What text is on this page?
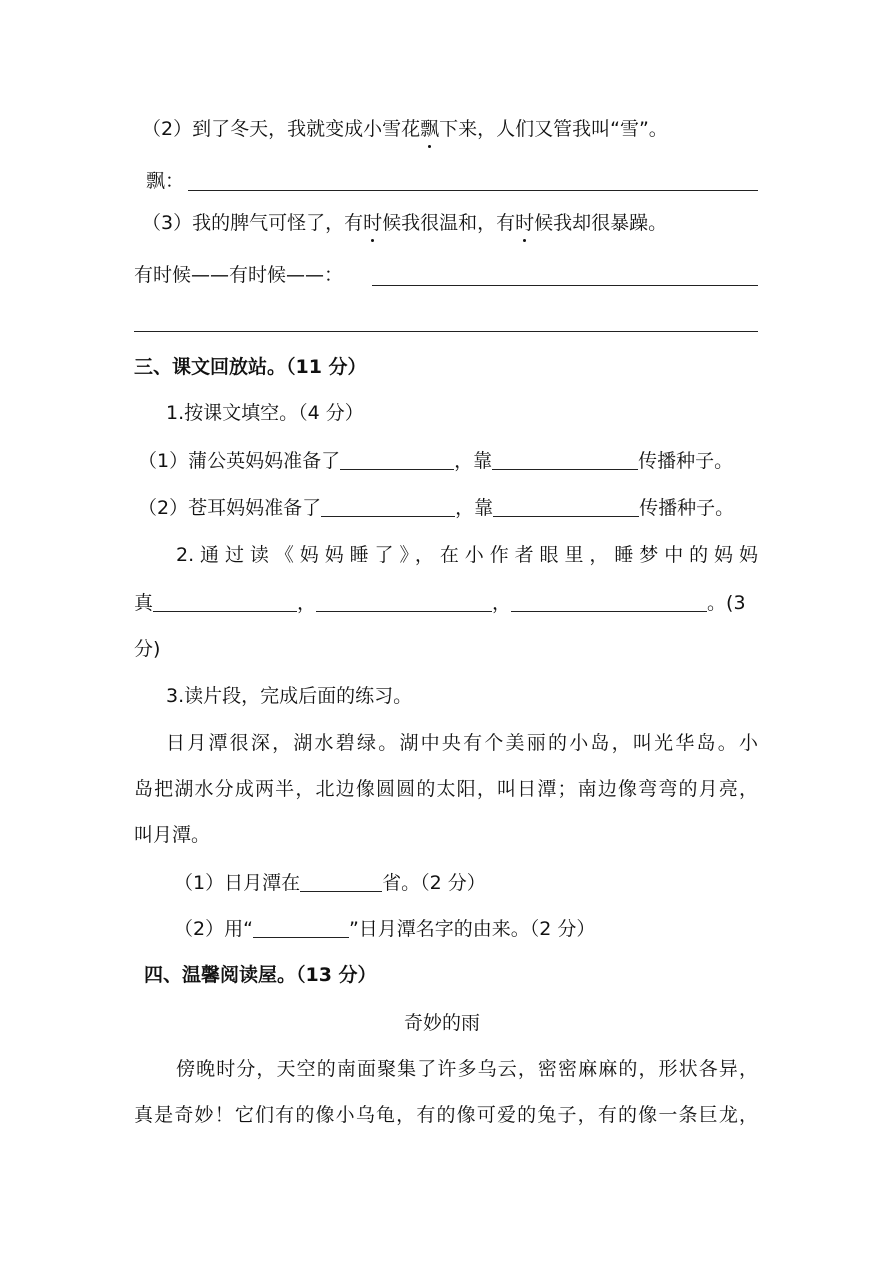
（2）到了冬天，我就变成小雪花飘下来，人们又管我叫“雪”。
飘：
（3）我的脾气可怪了，有时候我很温和，有时候我却很暴躁。
有时候——有时候——：
三、课文回放站。（11 分）
1.按课文填空。（4 分）
（1）蒲公英妈妈准备了	，靠	传播种子。
（2）苍耳妈妈准备了	，靠	传播种子。
2.通过读《妈妈睡了》，在小作者眼里，睡梦中的妈妈
真	，	，	。(3
分)
3.读片段，完成后面的练习。
日月潭很深，湖水碧绿。湖中央有个美丽的小岛，叫光华岛。小
岛把湖水分成两半，北边像圆圆的太阳，叫日潭；南边像弯弯的月亮，
叫月潭。
（1）日月潭在	省。（2 分）
（2）用“	”日月潭名字的由来。（2 分）
四、温馨阅读屋。（13 分）
奇妙的雨
傍晚时分，天空的南面聚集了许多乌云，密密麻麻的，形状各异，
真是奇妙！它们有的像小乌龟，有的像可爱的兔子，有的像一条巨龙，
